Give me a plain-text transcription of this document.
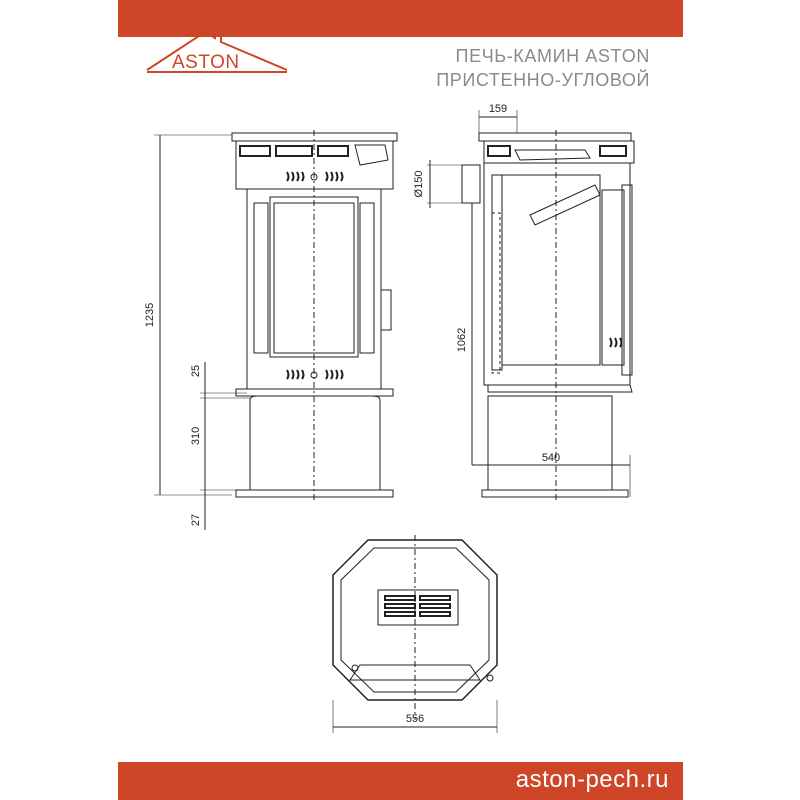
ASTON	ПЕЧЬ-КАМИН ASTON
ПРИСТЕННО-УГЛОВОЙ
1235
25
310
27
1062
Ø150
159
540
556
aston-pech.ru
